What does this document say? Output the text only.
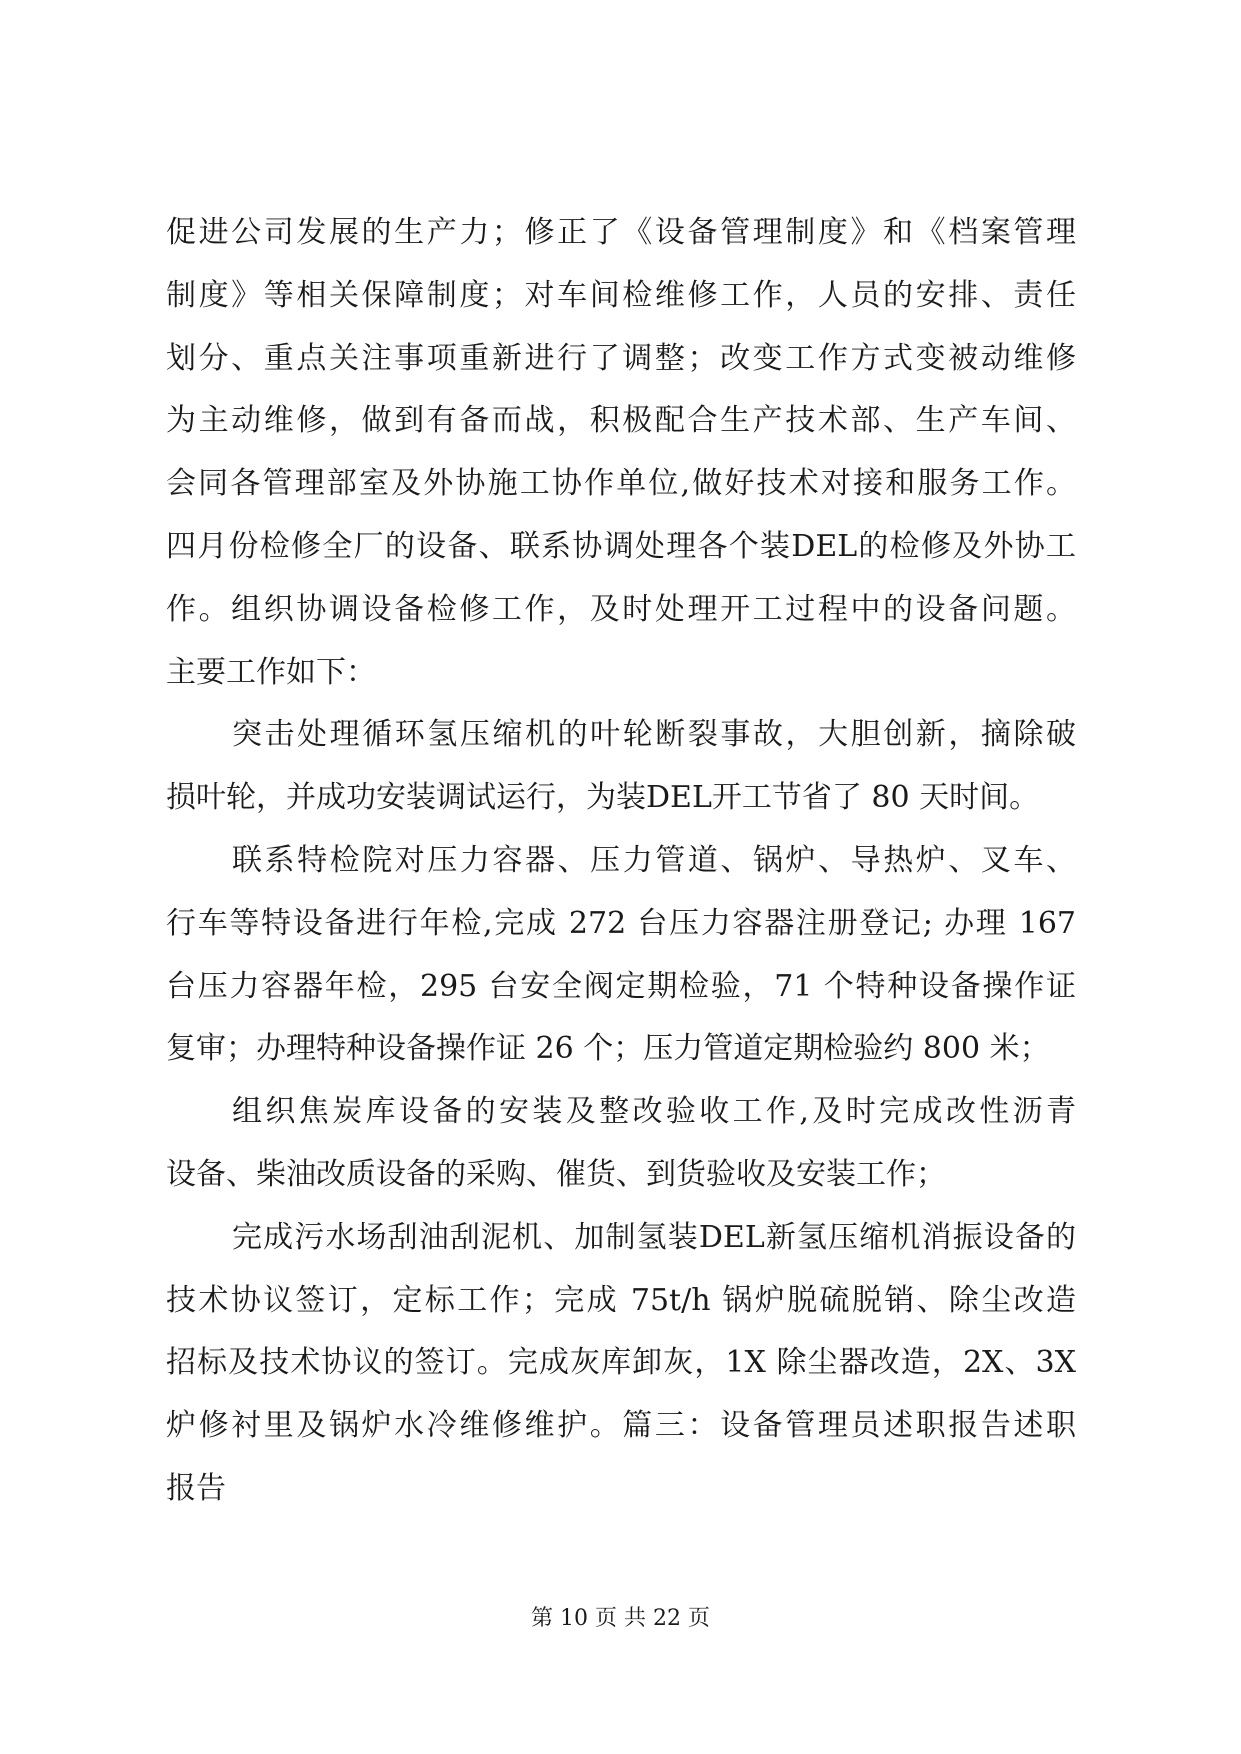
促进公司发展的生产力；修正了《设备管理制度》和《档案管理
制度》等相关保障制度；对车间检维修工作，人员的安排、责任
划分、重点关注事项重新进行了调整；改变工作方式变被动维修
为主动维修，做到有备而战，积极配合生产技术部、生产车间、
会同各管理部室及外协施工协作单位,做好技术对接和服务工作。
四月份检修全厂的设备、联系协调处理各个装DEL的检修及外协工
作。组织协调设备检修工作，及时处理开工过程中的设备问题。
主要工作如下：
突击处理循环氢压缩机的叶轮断裂事故，大胆创新，摘除破
损叶轮，并成功安装调试运行，为装DEL开工节省了 80 天时间。
联系特检院对压力容器、压力管道、锅炉、导热炉、叉车、
行车等特设备进行年检,完成 272 台压力容器注册登记; 办理 167
台压力容器年检，295 台安全阀定期检验，71 个特种设备操作证
复审；办理特种设备操作证 26 个；压力管道定期检验约 800 米；
组织焦炭库设备的安装及整改验收工作,及时完成改性沥青
设备、柴油改质设备的采购、催货、到货验收及安装工作；
完成污水场刮油刮泥机、加制氢装DEL新氢压缩机消振设备的
技术协议签订，定标工作；完成 75t/h 锅炉脱硫脱销、除尘改造
招标及技术协议的签订。完成灰库卸灰，1X 除尘器改造，2X、3X
炉修衬里及锅炉水冷维修维护。篇三：设备管理员述职报告述职
报告
第 10 页 共 22 页
